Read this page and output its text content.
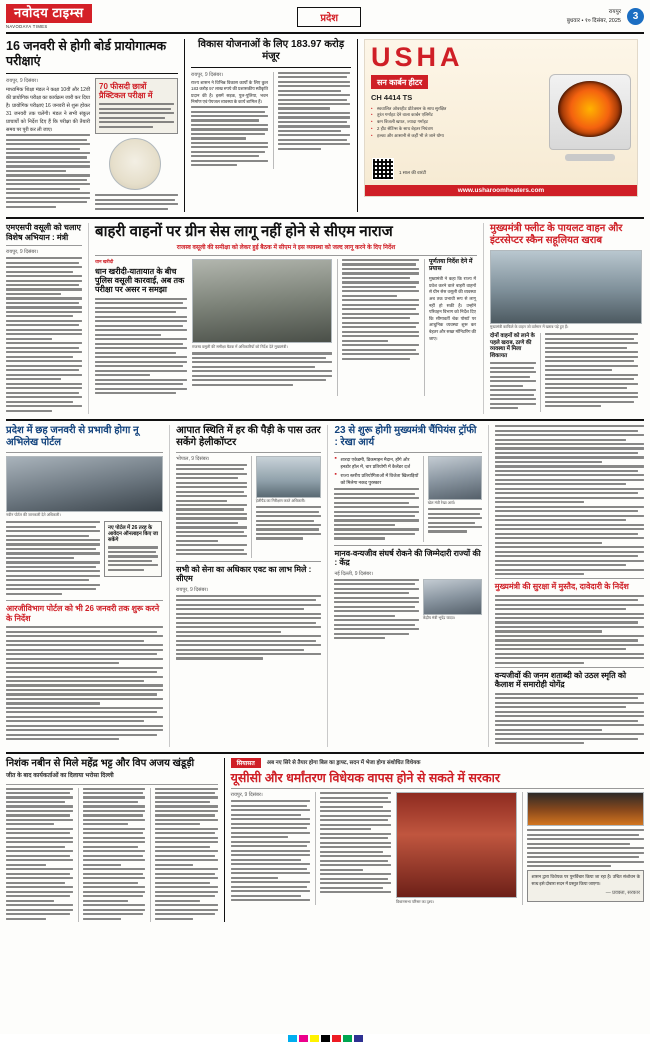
नवोदय टाइम्स
NAVODAYA TIMES
प्रदेश
रायपुर
बुधवार • १० दिसंबर, 2025	3
16 जनवरी से होगी बोर्ड प्रायोगात्मक परीक्षाएं
रायपुर, 9 दिसंबर।
माध्यमिक शिक्षा मंडल ने कक्षा 10वीं और 12वीं की प्रायोगिक परीक्षा का कार्यक्रम जारी कर दिया है। प्रायोगिक परीक्षाएं 16 जनवरी से शुरू होकर 31 जनवरी तक चलेंगी। मंडल ने सभी संकुल प्राचार्यों को निर्देश दिए हैं कि परीक्षा की तैयारी समय पर पूरी कर ली जाए।
70 फीसदी छात्रों प्रैक्टिकल परीक्षा में
विकास योजनाओं के लिए 183.97 करोड़ मंजूर
रायपुर, 9 दिसंबर।
राज्य शासन ने विभिन्न विकास कार्यों के लिए कुल 183 करोड़ 97 लाख रुपये की प्रशासकीय स्वीकृति प्रदान की है। इसमें सड़क, पुल-पुलिया, भवन निर्माण एवं पेयजल व्यवस्था के कार्य शामिल हैं।
USHA
सन कार्बन हीटर
CH 4414 TS
• स्वचालित ओवरहीट प्रोटेक्शन के साथ सुरक्षित
• तुरंत गर्माहट देने वाला कार्बन एलिमेंट
• कम बिजली खपत, ज्यादा गर्माहट
• 2 हीट सेटिंग्स के साथ बेहतर नियंत्रण
• हल्का और आसानी से कहीं भी ले जाने योग्य
1 साल की वारंटी
www.usharoomheaters.com
एमएसपी वसूली को चलाए विशेष अभियान : मंत्री
रायपुर, 9 दिसंबर।
बाहरी वाहनों पर ग्रीन सेस लागू नहीं होने से सीएम नाराज
राजस्व वसूली की समीक्षा को लेकर हुई बैठक में सीएम ने इस व्यवस्था को जल्द लागू करने के दिए निर्देश
धान खरीदी
धान खरीदी-यातायात के बीच पुलिस वसूली कारवाई, अब तक परीक्षा पर असर न समझा
राजस्व वसूली की समीक्षा बैठक में अधिकारियों को निर्देश देते मुख्यमंत्री।
पूर्णतया निर्देश देने में प्रयास
मुख्यमंत्री ने कहा कि राज्य में प्रवेश करने वाले बाहरी वाहनों से ग्रीन सेस वसूली की व्यवस्था अब तक प्रभावी रूप से लागू नहीं हो सकी है। उन्होंने परिवहन विभाग को निर्देश दिए कि सीमावर्ती चेक पोस्टों पर आधुनिक व्यवस्था शुरू कर बेहतर और सख्त मॉनिटरिंग की जाए।
मुख्यमंत्री फ्लीट के पायलट वाहन और इंटरसेप्टर स्कैन सहूलियत खराब
मुख्यमंत्री काफिले के वाहन जो वर्तमान में खराब पड़े हुए हैं।
दोनों वाहनों को लाने के पहले खराब, ठाणे की व्यवस्था में मिला शिकायत
प्रदेश में छह जनवरी से प्रभावी होगा नू अभिलेख पोर्टल
नवीन पोर्टल की जानकारी देते अधिकारी।
नए पोर्टल में 26 तरह के आवेदन ऑनलाइन किए जा सकेंगे
आरजीविभाग पोर्टल को भी 26 जनवरी तक शुरू करने के निर्देश
आपात स्थिति में हर की पैड़ी के पास उतर सकेंगे हेलीकॉप्टर
भोपाल, 9 दिसंबर।
हेलीपैड का निरीक्षण करते अधिकारी।
सभी को सेना का अधिकार एवट का लाभ मिले : सीएम
रायपुर, 9 दिसंबर।
23 से शुरू होगी मुख्यमंत्री चैंपियंस ट्रॉफी : रेखा आर्य
■ शारदा एकेडमी, डिकमाहन मैदान, होंगे और इनडोर हॉल में, चार प्रतियोगी में कैलेंडर दर्ज
■ राज्य स्तरीय प्रतियोगिताओं में विजेता खिलाड़ियों को मिलेगा नकद पुरस्कार
खेल मंत्री रेखा आर्य।
मानव-वन्यजीव संघर्ष रोकने की जिम्मेदारी राज्यों की : केंद्र
नई दिल्ली, 9 दिसंबर।
केंद्रीय मंत्री भूपेंद्र यादव।
मुख्यमंत्री की सुरक्षा में मुस्तैद, दावेदारी के निर्देश
वन्यजीवों की जनम शताब्दी को उठल स्मृति को कैलाश में समारोही योगेंद्र
निशंक नबीन से मिले महेंद्र भट्ट और विप अजय खंडूड़ी
जीत के बाद कार्यकर्ताओं का दिलाया भरोसा दिल्ली
सियासत	अब नए सिरे से तैयार होगा बिल का ड्राफ्ट, सदन में भेजा होगा संशोधित विधेयक
यूसीसी और धर्मांतरण विधेयक वापस होने से सकते में सरकार
रायपुर, 9 दिसंबर।
विधानसभा परिसर का दृश्य।
शासन द्वारा विधेयक पर पुनर्विचार किया जा रहा है। उचित संशोधन के साथ इसे दोबारा सदन में प्रस्तुत किया जाएगा।
— प्रवक्ता, सरकार
